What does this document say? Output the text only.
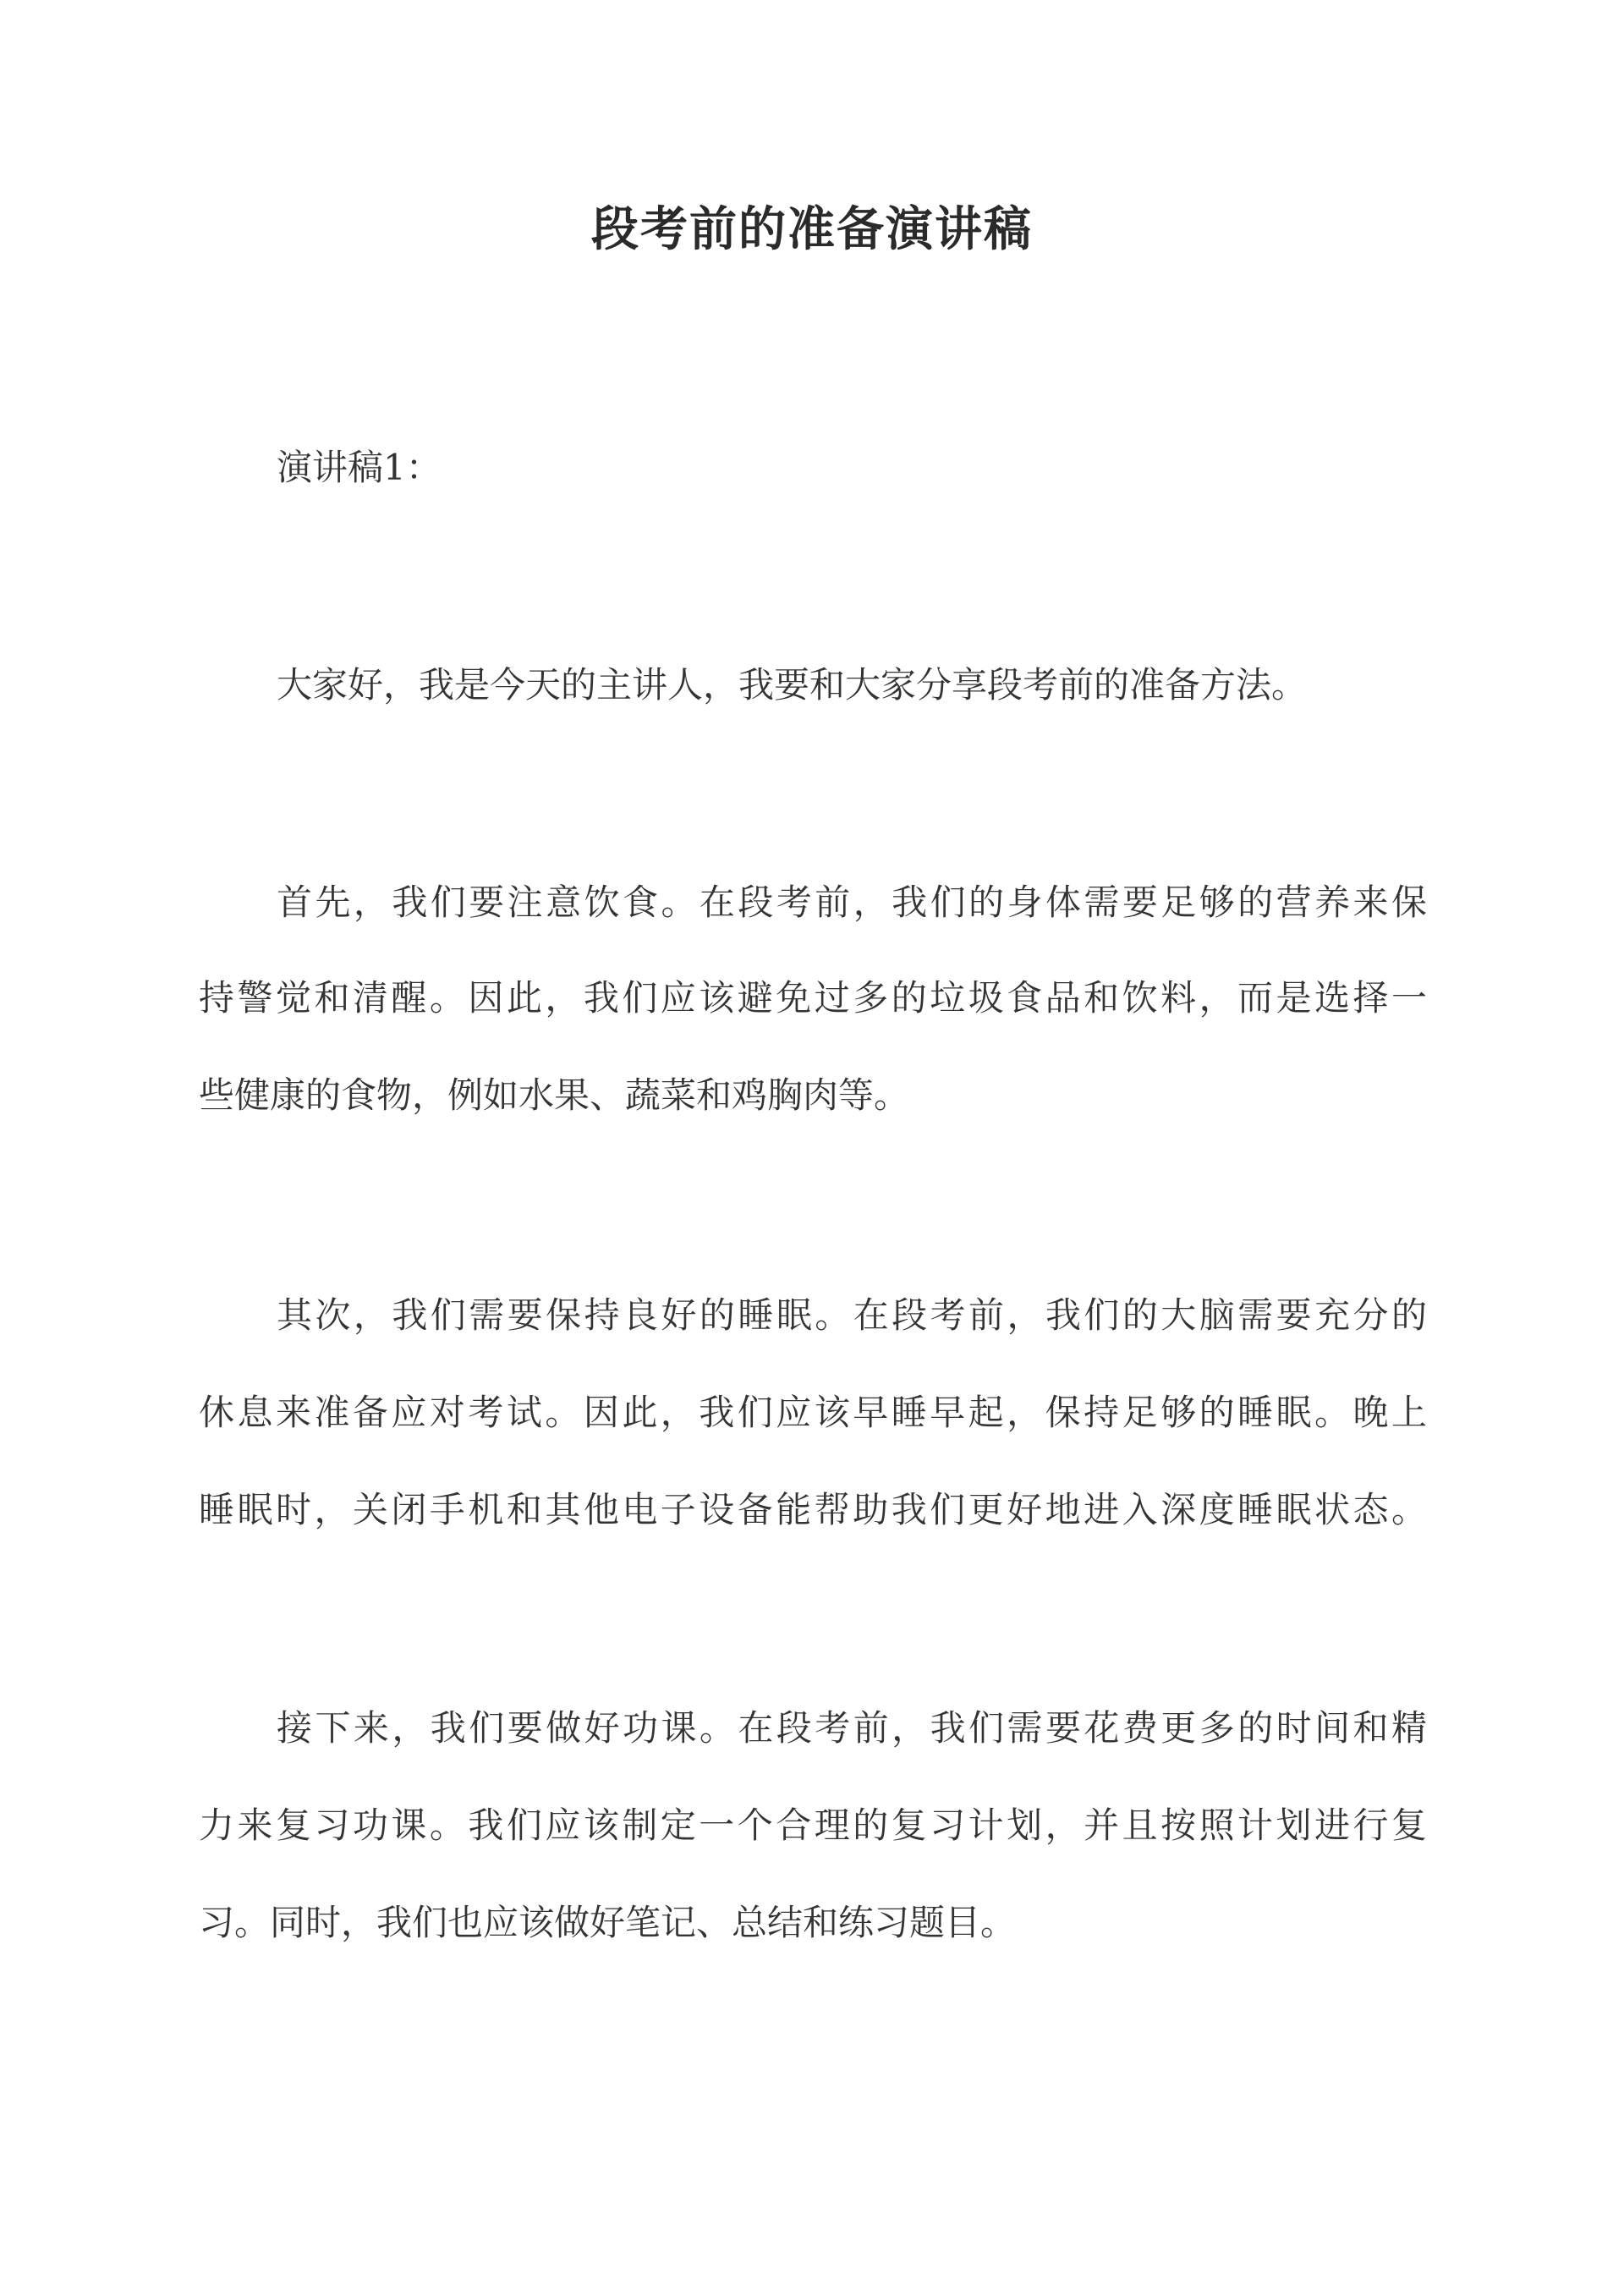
段考前的准备演讲稿
演讲稿1：
大家好，我是今天的主讲人，我要和大家分享段考前的准备方法。
首先，我们要注意饮食。在段考前，我们的身体需要足够的营养来保
持警觉和清醒。因此，我们应该避免过多的垃圾食品和饮料，而是选择一
些健康的食物，例如水果、蔬菜和鸡胸肉等。
其次，我们需要保持良好的睡眠。在段考前，我们的大脑需要充分的
休息来准备应对考试。因此，我们应该早睡早起，保持足够的睡眠。晚上
睡眠时，关闭手机和其他电子设备能帮助我们更好地进入深度睡眠状态。
接下来，我们要做好功课。在段考前，我们需要花费更多的时间和精
力来复习功课。我们应该制定一个合理的复习计划，并且按照计划进行复
习。同时，我们也应该做好笔记、总结和练习题目。
